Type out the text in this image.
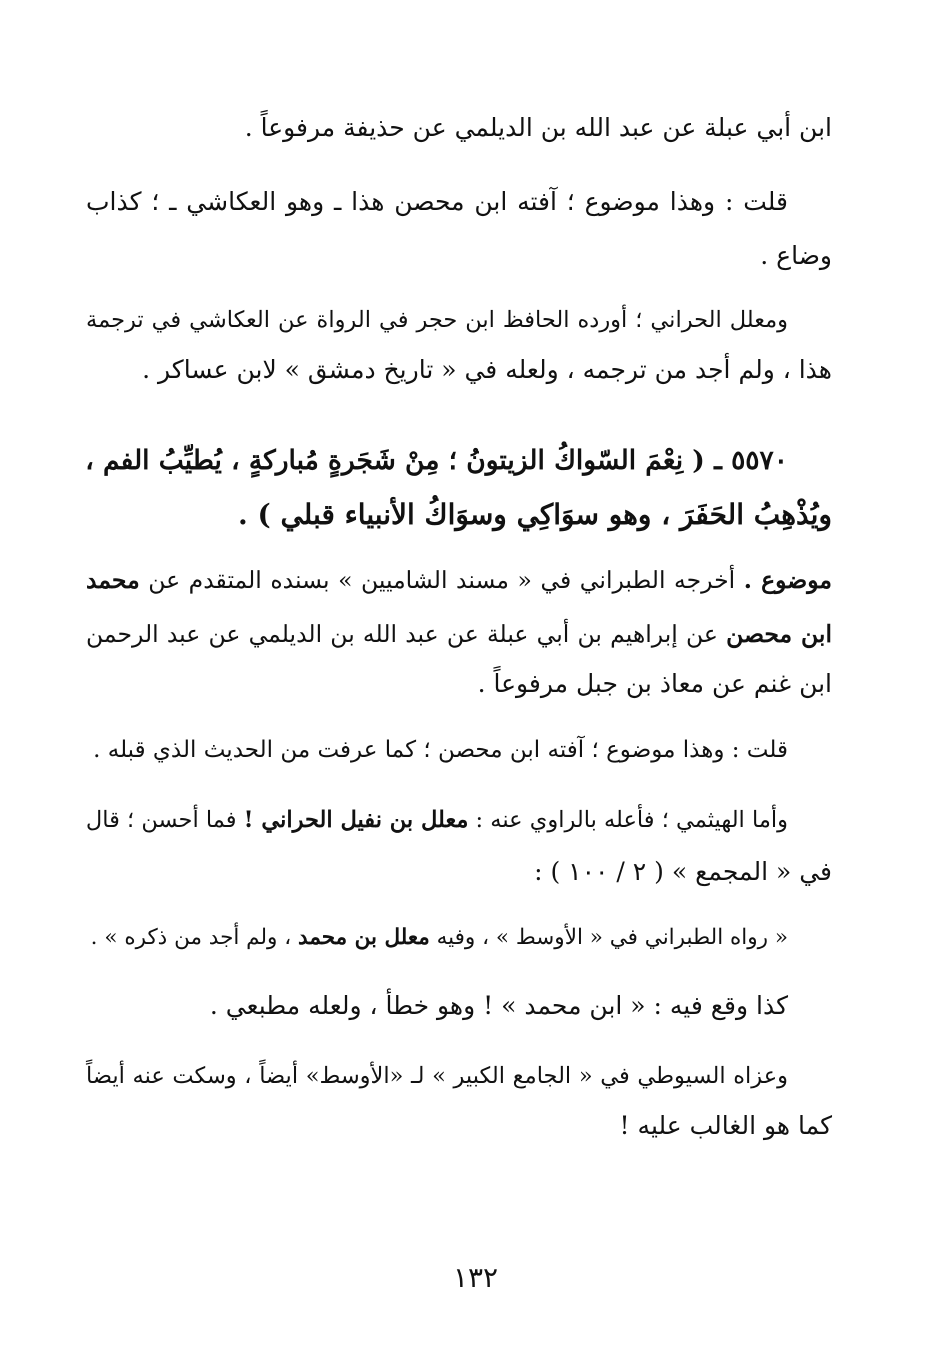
ابن أبي عبلة عن عبد الله بن الديلمي عن حذيفة مرفوعاً .
قلت : وهذا موضوع ؛ آفته ابن محصن هذا ـ وهو العكاشي ـ ؛ كذاب
وضاع .
ومعلل الحراني ؛ أورده الحافظ ابن حجر في الرواة عن العكاشي في ترجمة
هذا ، ولم أجد من ترجمه ، ولعله في « تاريخ دمشق » لابن عساكر .
٥٥٧٠ ـ ( نِعْمَ السّواكُ الزيتونُ ؛ مِنْ شَجَرةٍ مُباركةٍ ، يُطيِّبُ الفم ،
ويُذْهِبُ الحَفَرَ ، وهو سوَاكِي وسوَاكُ الأنبياء قبلي ) .
موضوع . أخرجه الطبراني في « مسند الشاميين » بسنده المتقدم عن محمد
ابن محصن عن إبراهيم بن أبي عبلة عن عبد الله بن الديلمي عن عبد الرحمن
ابن غنم عن معاذ بن جبل مرفوعاً .
قلت : وهذا موضوع ؛ آفته ابن محصن ؛ كما عرفت من الحديث الذي قبله .
وأما الهيثمي ؛ فأعله بالراوي عنه : معلل بن نفيل الحراني ! فما أحسن ؛ قال
في « المجمع » ( ٢ / ١٠٠ ) :
« رواه الطبراني في « الأوسط » ، وفيه معلل بن محمد ، ولم أجد من ذكره » .
كذا وقع فيه : « ابن محمد » ! وهو خطأ ، ولعله مطبعي .
وعزاه السيوطي في « الجامع الكبير » لـ «الأوسط» أيضاً ، وسكت عنه أيضاً
كما هو الغالب عليه !
١٣٢
